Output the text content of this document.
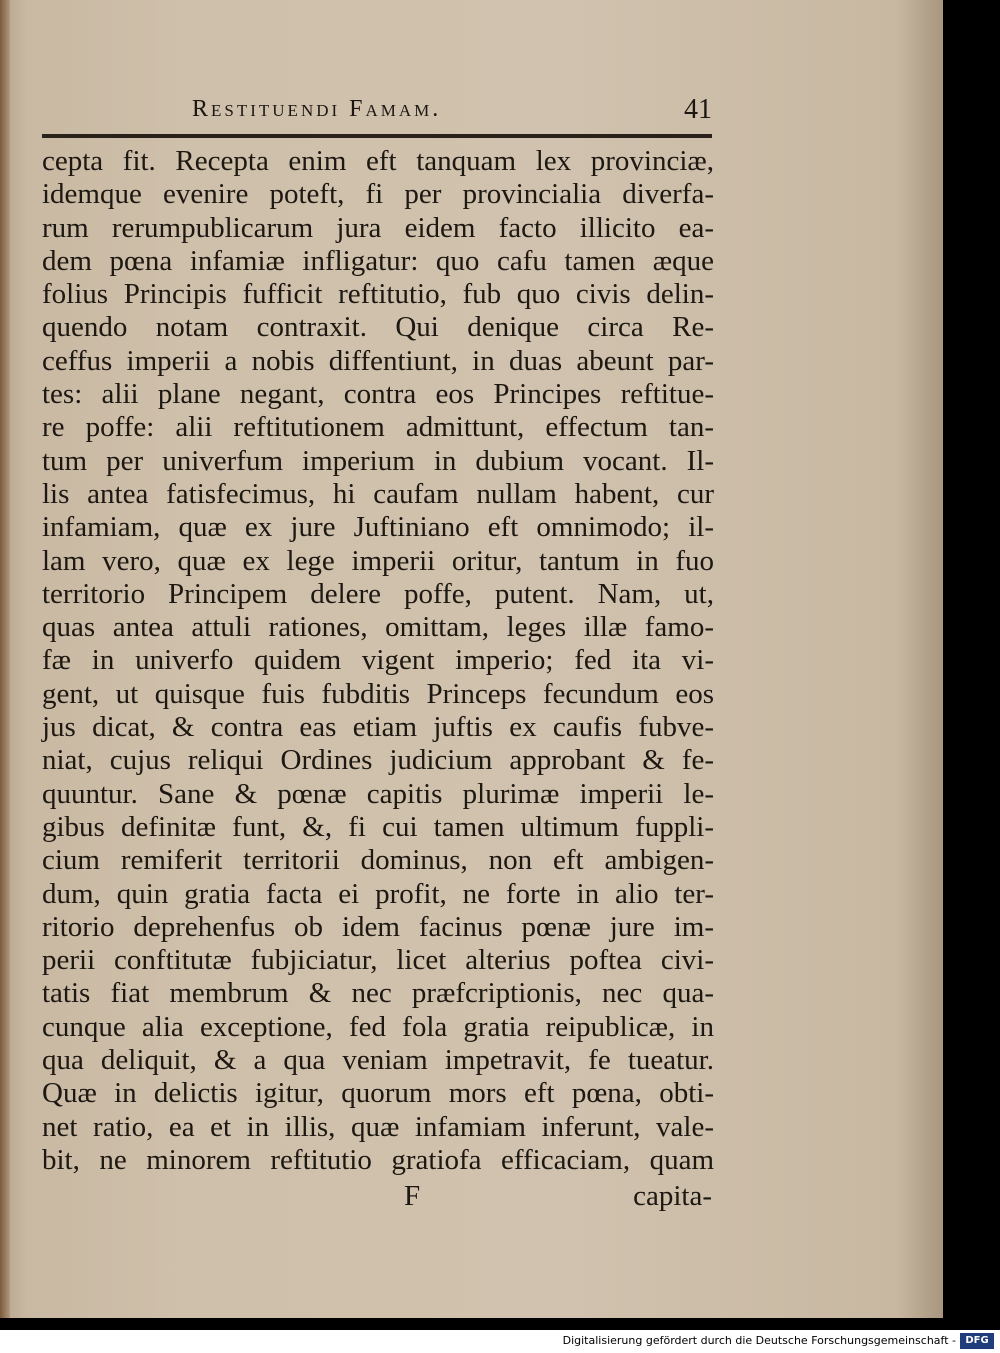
Restituendi Famam.	41
cepta fit. Recepta enim eft tanquam lex provinciæ,
idemque evenire poteft, fi per provincialia diverfa-
rum rerumpublicarum jura eidem facto illicito ea-
dem pœna infamiæ infligatur: quo cafu tamen æque
folius Principis fufficit reftitutio, fub quo civis delin-
quendo notam contraxit. Qui denique circa Re-
ceffus imperii a nobis diffentiunt, in duas abeunt par-
tes: alii plane negant, contra eos Principes reftitue-
re poffe: alii reftitutionem admittunt, effectum tan-
tum per univerfum imperium in dubium vocant. Il-
lis antea fatisfecimus, hi caufam nullam habent, cur
infamiam, quæ ex jure Juftiniano eft omnimodo; il-
lam vero, quæ ex lege imperii oritur, tantum in fuo
territorio Principem delere poffe, putent. Nam, ut,
quas antea attuli rationes, omittam, leges illæ famo-
fæ in univerfo quidem vigent imperio; fed ita vi-
gent, ut quisque fuis fubditis Princeps fecundum eos
jus dicat, & contra eas etiam juftis ex caufis fubve-
niat, cujus reliqui Ordines judicium approbant & fe-
quuntur. Sane & pœnæ capitis plurimæ imperii le-
gibus definitæ funt, &, fi cui tamen ultimum fuppli-
cium remiferit territorii dominus, non eft ambigen-
dum, quin gratia facta ei profit, ne forte in alio ter-
ritorio deprehenfus ob idem facinus pœnæ jure im-
perii conftitutæ fubjiciatur, licet alterius poftea civi-
tatis fiat membrum & nec præfcriptionis, nec qua-
cunque alia exceptione, fed fola gratia reipublicæ, in
qua deliquit, & a qua veniam impetravit, fe tueatur.
Quæ in delictis igitur, quorum mors eft pœna, obti-
net ratio, ea et in illis, quæ infamiam inferunt, vale-
bit, ne minorem reftitutio gratiofa efficaciam, quam
F	capita-
Digitalisierung gefördert durch die Deutsche Forschungsgemeinschaft - DFG
